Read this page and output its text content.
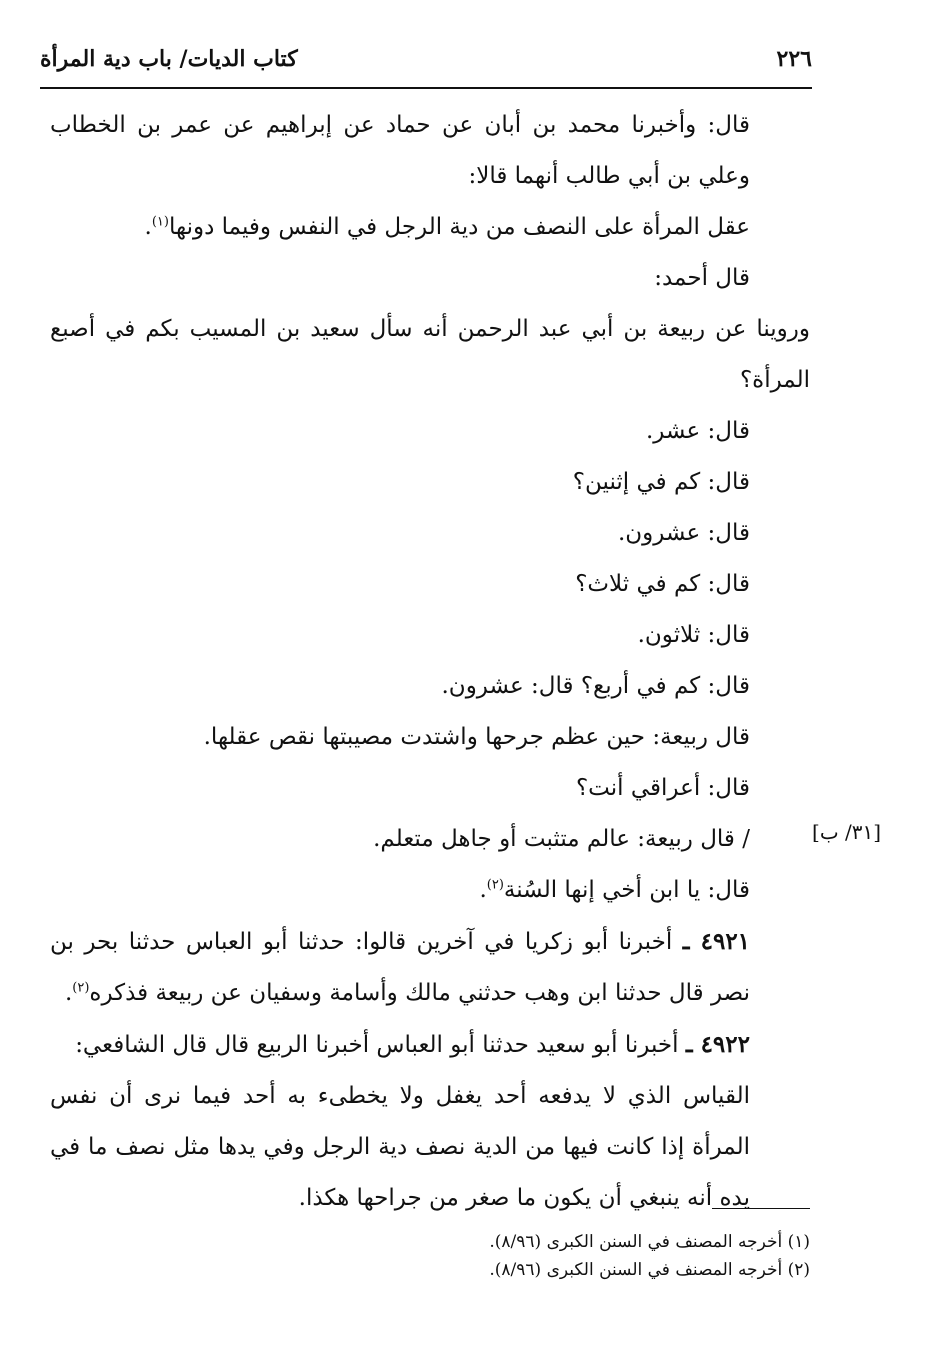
كتاب الديات/ باب دية المرأة	٢٢٦

قال: وأخبرنا محمد بن أبان عن حماد عن إبراهيم عن عمر بن الخطاب وعلي بن أبي طالب أنهما قالا:

عقل المرأة على النصف من دية الرجل في النفس وفيما دونها$^{(١)}$.

قال أحمد:

وروينا عن ربيعة بن أبي عبد الرحمن أنه سأل سعيد بن المسيب بكم في أصبع المرأة؟

قال: عشر.

قال: كم في إثنين؟

قال: عشرون.

قال: كم في ثلاث؟

قال: ثلاثون.

قال: كم في أربع؟ قال: عشرون.

قال ربيعة: حين عظم جرحها واشتدت مصيبتها نقص عقلها.

قال: أعراقي أنت؟

/ قال ربيعة: عالم متثبت أو جاهل متعلم.

قال: يا ابن أخي إنها السُنة$^{(٢)}$.

٤٩٢١ ـ أخبرنا أبو زكريا في آخرين قالوا: حدثنا أبو العباس حدثنا بحر بن نصر قال حدثنا ابن وهب حدثني مالك وأسامة وسفيان عن ربيعة فذكره$^{(٢)}$.

٤٩٢٢ ـ أخبرنا أبو سعيد حدثنا أبو العباس أخبرنا الربيع قال قال الشافعي:

القياس الذي لا يدفعه أحد يغفل ولا يخطىء به أحد فيما نرى أن نفس المرأة إذا كانت فيها من الدية نصف دية الرجل وفي يدها مثل نصف ما في يده أنه ينبغي أن يكون ما صغر من جراحها هكذا.

[٣١/ ب]

(١) أخرجه المصنف في السنن الكبرى (٨/٩٦).

(٢) أخرجه المصنف في السنن الكبرى (٨/٩٦).
